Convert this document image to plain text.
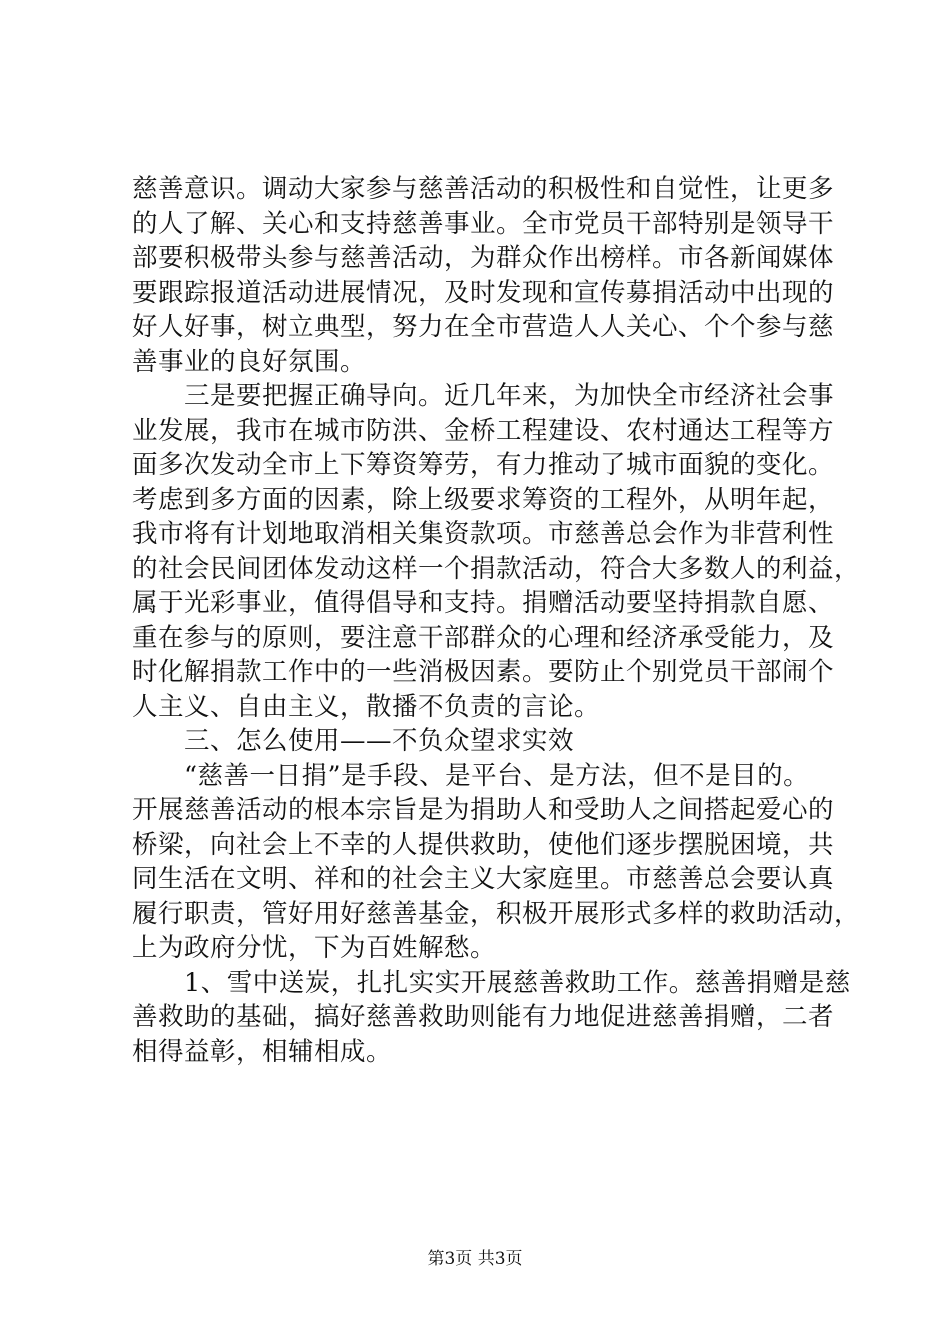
慈善意识。调动大家参与慈善活动的积极性和自觉性，让更多
的人了解、关心和支持慈善事业。全市党员干部特别是领导干
部要积极带头参与慈善活动，为群众作出榜样。市各新闻媒体
要跟踪报道活动进展情况，及时发现和宣传募捐活动中出现的
好人好事，树立典型，努力在全市营造人人关心、个个参与慈
善事业的良好氛围。
三是要把握正确导向。近几年来，为加快全市经济社会事
业发展，我市在城市防洪、金桥工程建设、农村通达工程等方
面多次发动全市上下筹资筹劳，有力推动了城市面貌的变化。
考虑到多方面的因素，除上级要求筹资的工程外，从明年起，
我市将有计划地取消相关集资款项。市慈善总会作为非营利性
的社会民间团体发动这样一个捐款活动，符合大多数人的利益，
属于光彩事业，值得倡导和支持。捐赠活动要坚持捐款自愿、
重在参与的原则，要注意干部群众的心理和经济承受能力，及
时化解捐款工作中的一些消极因素。要防止个别党员干部闹个
人主义、自由主义，散播不负责的言论。
三、怎么使用——不负众望求实效
“慈善一日捐”是手段、是平台、是方法，但不是目的。
开展慈善活动的根本宗旨是为捐助人和受助人之间搭起爱心的
桥梁，向社会上不幸的人提供救助，使他们逐步摆脱困境，共
同生活在文明、祥和的社会主义大家庭里。市慈善总会要认真
履行职责，管好用好慈善基金，积极开展形式多样的救助活动，
上为政府分忧，下为百姓解愁。
1、雪中送炭，扎扎实实开展慈善救助工作。慈善捐赠是慈
善救助的基础，搞好慈善救助则能有力地促进慈善捐赠，二者
相得益彰，相辅相成。
第3页 共3页
